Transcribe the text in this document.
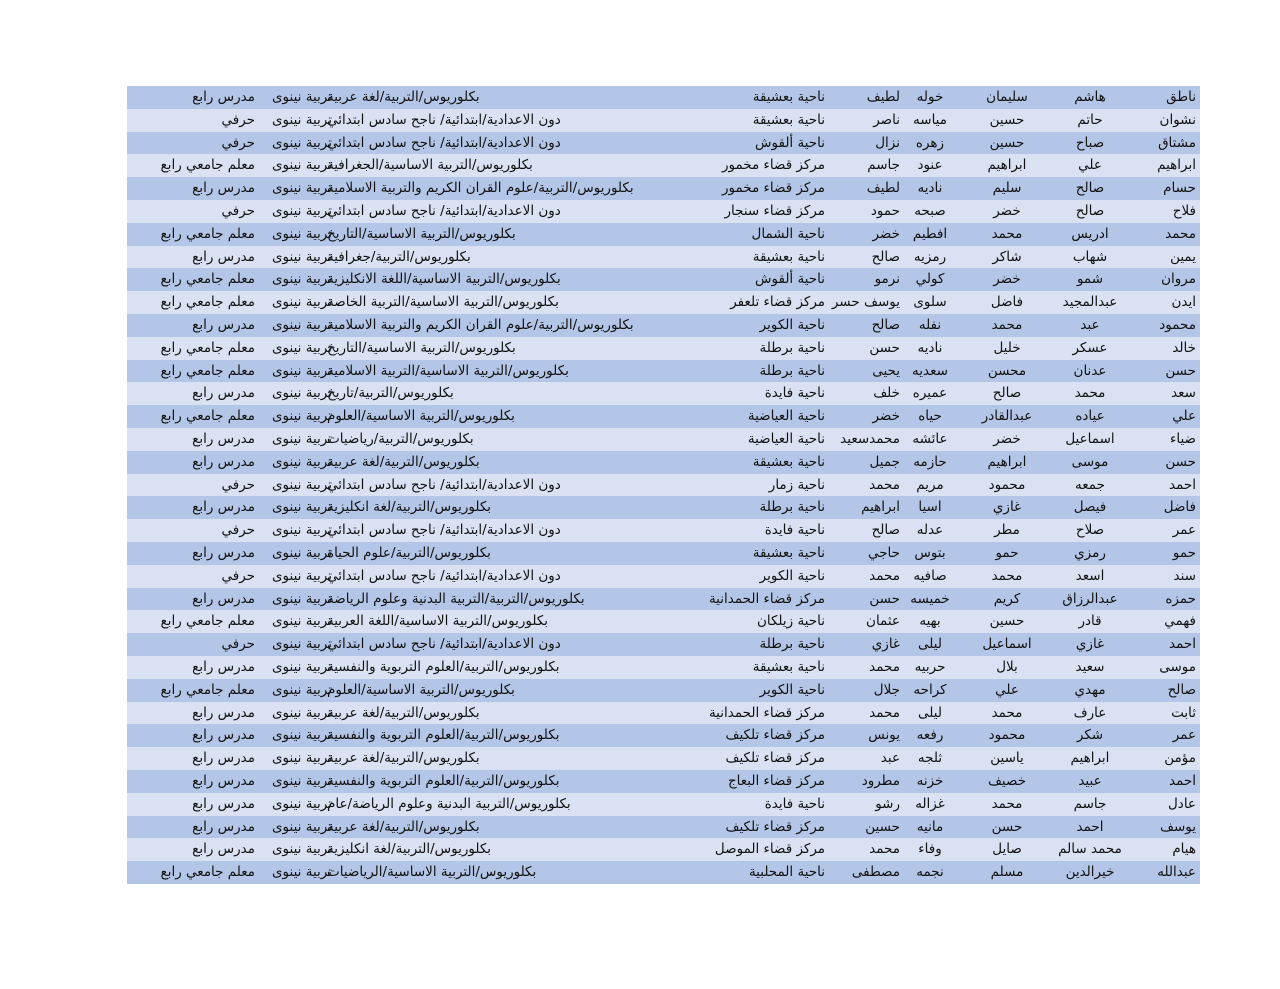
ناطق
هاشم
سليمان
خوله
لطيف
ناحية بعشيقة
بكلوريوس/التربية/لغة عربية
تربية نينوى
مدرس رابع
نشوان
حاتم
حسين
مياسه
ناصر
ناحية بعشيقة
دون الاعدادية/ابتدائية/ ناجح سادس ابتدائي
تربية نينوى
حرفي
مشتاق
صباح
حسين
زهره
نزال
ناحية ألقوش
دون الاعدادية/ابتدائية/ ناجح سادس ابتدائي
تربية نينوى
حرفي
ابراهيم
علي
ابراهيم
عنود
جاسم
مركز قضاء مخمور
بكلوريوس/التربية الاساسية/الجغرافية
تربية نينوى
معلم جامعي رابع
حسام
صالح
سليم
ناديه
لطيف
مركز قضاء مخمور
بكلوريوس/التربية/علوم القران الكريم والتربية الاسلامية
تربية نينوى
مدرس رابع
فلاح
صالح
خضر
صبحه
حمود
مركز قضاء سنجار
دون الاعدادية/ابتدائية/ ناجح سادس ابتدائي
تربية نينوى
حرفي
محمد
ادريس
محمد
افطيم
خضر
ناحية الشمال
بكلوريوس/التربية الاساسية/التاريخ
تربية نينوى
معلم جامعي رابع
يمين
شهاب
شاكر
رمزيه
صالح
ناحية بعشيقة
بكلوريوس/التربية/جغرافية
تربية نينوى
مدرس رابع
مروان
شمو
خضر
كولي
نرمو
ناحية ألقوش
بكلوريوس/التربية الاساسية/اللغة الانكليزية
تربية نينوى
معلم جامعي رابع
ايدن
عبدالمجيد
فاضل
سلوى
يوسف حسر
مركز قضاء تلعفر
بكلوريوس/التربية الاساسية/التربية الخاصة
تربية نينوى
معلم جامعي رابع
محمود
عبد
محمد
نفله
صالح
ناحية الكوير
بكلوريوس/التربية/علوم القران الكريم والتربية الاسلامية
تربية نينوى
مدرس رابع
خالد
عسكر
خليل
ناديه
حسن
ناحية برطلة
بكلوريوس/التربية الاساسية/التاريخ
تربية نينوى
معلم جامعي رابع
حسن
عدنان
محسن
سعديه
يحيى
ناحية برطلة
بكلوريوس/التربية الاساسية/التربية الاسلامية
تربية نينوى
معلم جامعي رابع
سعد
محمد
صالح
عميره
خلف
ناحية فايدة
بكلوريوس/التربية/تاريخ
تربية نينوى
مدرس رابع
علي
عياده
عبدالقادر
حياه
خضر
ناحية العياضية
بكلوريوس/التربية الاساسية/العلوم
تربية نينوى
معلم جامعي رابع
ضياء
اسماعيل
خضر
عائشه
محمدسعيد
ناحية العياضية
بكلوريوس/التربية/رياضيات
تربية نينوى
مدرس رابع
حسن
موسى
ابراهيم
حازمه
جميل
ناحية بعشيقة
بكلوريوس/التربية/لغة عربية
تربية نينوى
مدرس رابع
احمد
جمعه
محمود
مريم
محمد
ناحية زمار
دون الاعدادية/ابتدائية/ ناجح سادس ابتدائي
تربية نينوى
حرفي
فاضل
فيصل
غازي
اسيا
ابراهيم
ناحية برطلة
بكلوريوس/التربية/لغة انكليزية
تربية نينوى
مدرس رابع
عمر
صلاح
مطر
عدله
صالح
ناحية فايدة
دون الاعدادية/ابتدائية/ ناجح سادس ابتدائي
تربية نينوى
حرفي
حمو
رمزي
حمو
بتوس
حاجي
ناحية بعشيقة
بكلوريوس/التربية/علوم الحياة
تربية نينوى
مدرس رابع
سند
اسعد
محمد
صافيه
محمد
ناحية الكوير
دون الاعدادية/ابتدائية/ ناجح سادس ابتدائي
تربية نينوى
حرفي
حمزه
عبدالرزاق
كريم
خميسه
حسن
مركز قضاء الحمدانية
بكلوريوس/التربية/التربية البدنية وعلوم الرياضة
تربية نينوى
مدرس رابع
فهمي
قادر
حسين
بهيه
عثمان
ناحية زيلكان
بكلوريوس/التربية الاساسية/اللغة العربية
تربية نينوى
معلم جامعي رابع
احمد
غازي
اسماعيل
ليلى
غازي
ناحية برطلة
دون الاعدادية/ابتدائية/ ناجح سادس ابتدائي
تربية نينوى
حرفي
موسى
سعيد
بلال
حربيه
محمد
ناحية بعشيقة
بكلوريوس/التربية/العلوم التربوية والنفسية
تربية نينوى
مدرس رابع
صالح
مهدي
علي
كراحه
جلال
ناحية الكوير
بكلوريوس/التربية الاساسية/العلوم
تربية نينوى
معلم جامعي رابع
ثابت
عارف
محمد
ليلى
محمد
مركز قضاء الحمدانية
بكلوريوس/التربية/لغة عربية
تربية نينوى
مدرس رابع
عمر
شكر
محمود
رفعه
يونس
مركز قضاء تلكيف
بكلوريوس/التربية/العلوم التربوية والنفسية
تربية نينوى
مدرس رابع
مؤمن
ابراهيم
ياسين
ثلجه
عبد
مركز قضاء تلكيف
بكلوريوس/التربية/لغة عربية
تربية نينوى
مدرس رابع
احمد
عبيد
خصيف
خزنه
مطرود
مركز قضاء البعاج
بكلوريوس/التربية/العلوم التربوية والنفسية
تربية نينوى
مدرس رابع
عادل
جاسم
محمد
غزاله
رشو
ناحية فايدة
بكلوريوس/التربية البدنية وعلوم الرياضة/عام
تربية نينوى
مدرس رابع
يوسف
احمد
حسن
مانيه
حسين
مركز قضاء تلكيف
بكلوريوس/التربية/لغة عربية
تربية نينوى
مدرس رابع
هيام
محمد سالم
صايل
وفاء
محمد
مركز قضاء الموصل
بكلوريوس/التربية/لغة انكليزية
تربية نينوى
مدرس رابع
عبدالله
خيرالدين
مسلم
نجمه
مصطفى
ناحية المحلبية
بكلوريوس/التربية الاساسية/الرياضيات
تربية نينوى
معلم جامعي رابع
